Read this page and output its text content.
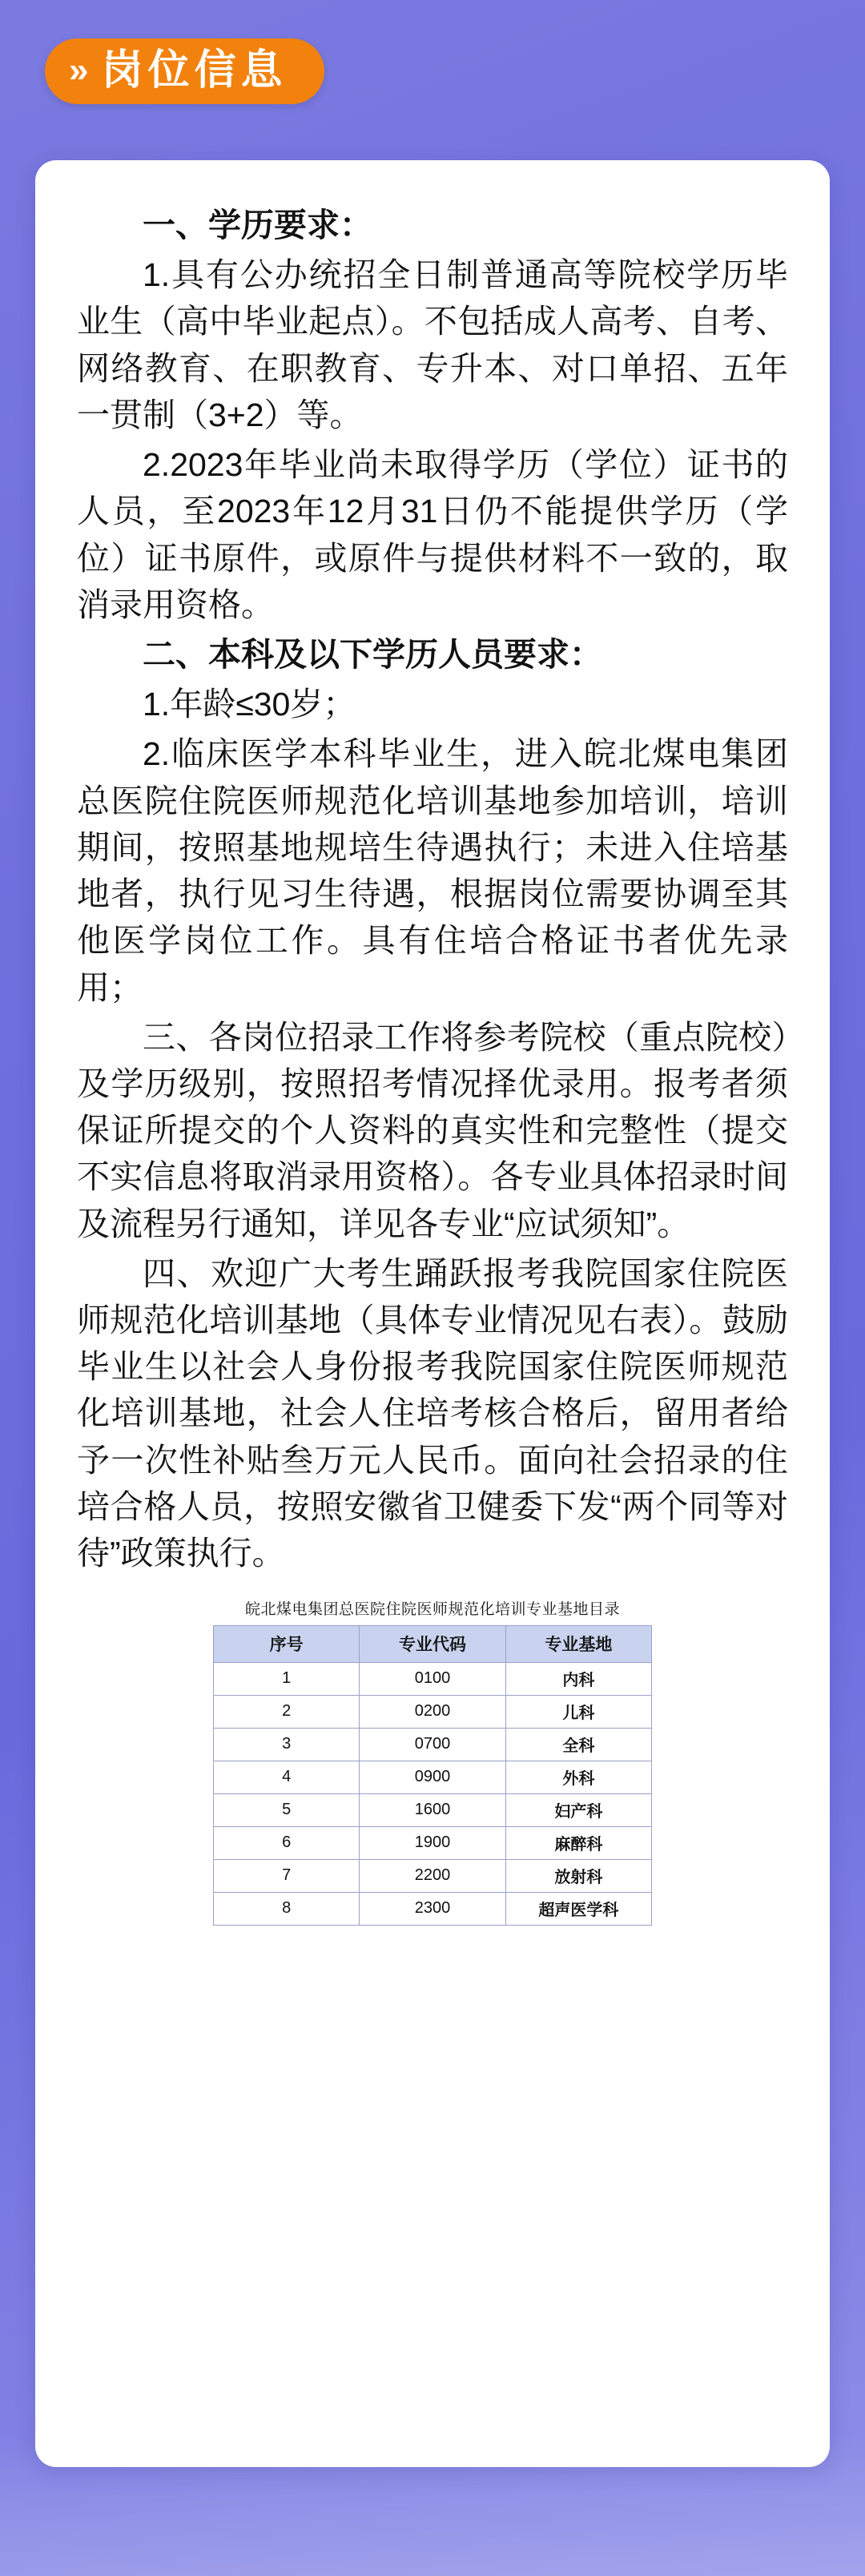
» 岗位信息

一、学历要求：

1.具有公办统招全日制普通高等院校学历毕业生（高中毕业起点）。不包括成人高考、自考、网络教育、在职教育、专升本、对口单招、五年一贯制（3+2）等。

2.2023年毕业尚未取得学历（学位）证书的人员，至2023年12月31日仍不能提供学历（学位）证书原件，或原件与提供材料不一致的，取消录用资格。

二、本科及以下学历人员要求：

1.年龄≤30岁；

2.临床医学本科毕业生，进入皖北煤电集团总医院住院医师规范化培训基地参加培训，培训期间，按照基地规培生待遇执行；未进入住培基地者，执行见习生待遇，根据岗位需要协调至其他医学岗位工作。具有住培合格证书者优先录用；

三、各岗位招录工作将参考院校（重点院校）及学历级别，按照招考情况择优录用。报考者须保证所提交的个人资料的真实性和完整性（提交不实信息将取消录用资格）。各专业具体招录时间及流程另行通知，详见各专业“应试须知”。

四、欢迎广大考生踊跃报考我院国家住院医师规范化培训基地（具体专业情况见右表）。鼓励毕业生以社会人身份报考我院国家住院医师规范化培训基地，社会人住培考核合格后，留用者给予一次性补贴叁万元人民币。面向社会招录的住培合格人员，按照安徽省卫健委下发“两个同等对待”政策执行。

皖北煤电集团总医院住院医师规范化培训专业基地目录
序号	专业代码	专业基地
1	0100	内科
2	0200	儿科
3	0700	全科
4	0900	外科
5	1600	妇产科
6	1900	麻醉科
7	2200	放射科
8	2300	超声医学科
